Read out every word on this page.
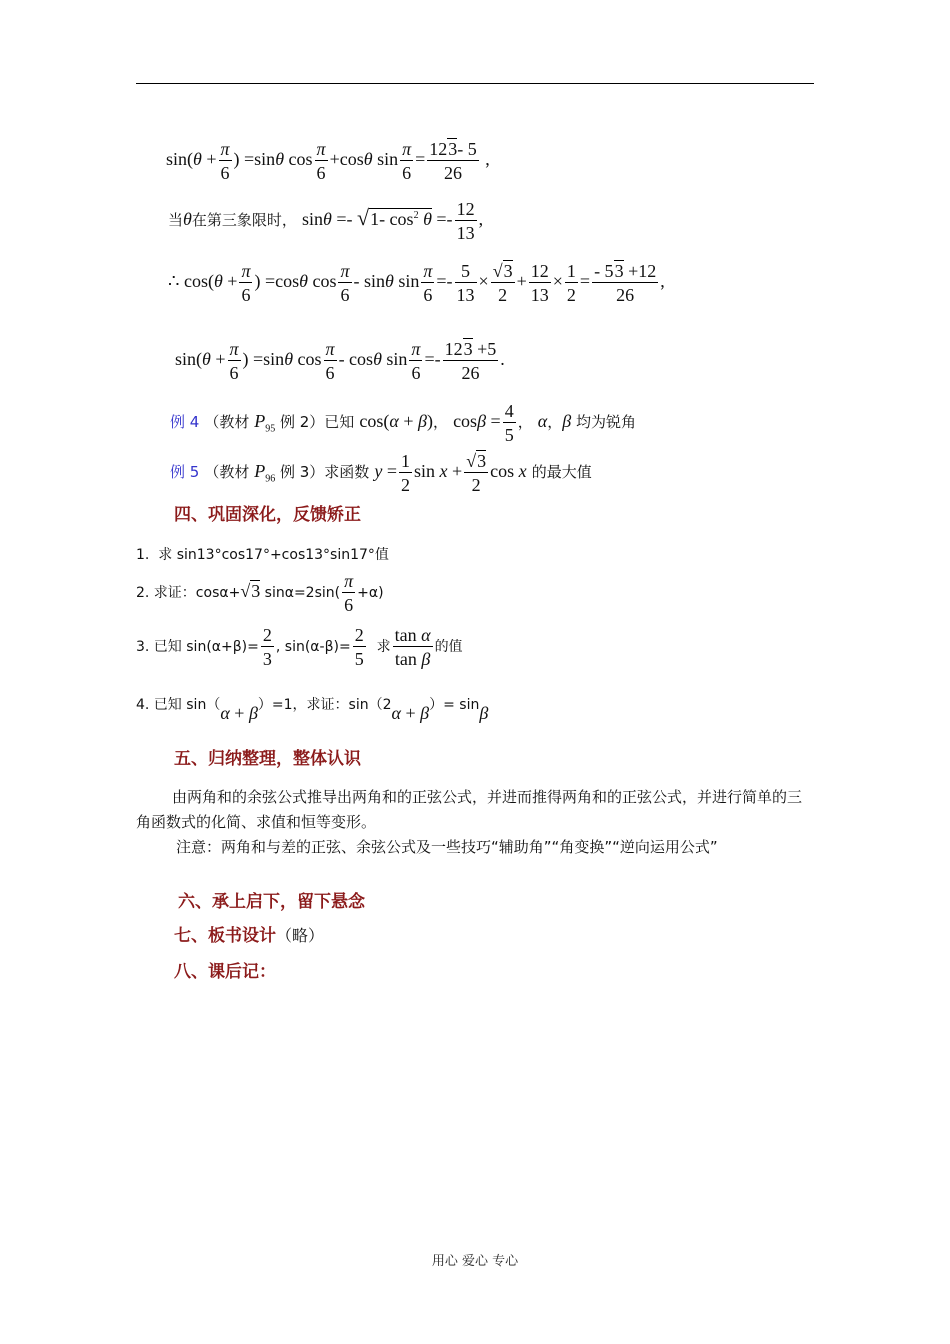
$\sin(\theta + \frac{\pi}{6}$ ) =sinθ $\cos \frac{\pi}{6} +\cos\theta$ $\sin \frac{\pi}{6} = \frac{123- 5}{26}$ ,
当θ在第三象限时， sinθ =- √1- $\cos^2 \theta =- \frac{12}{13}$ ,
∴ $\cos(\theta + \frac{\pi}{6}$ ) =cosθ $\cos \frac{\pi}{6}$ - sinθ $\sin \frac{\pi}{6} =- \frac{5}{13} \times \frac{√3}{2} + \frac{12}{13} \times \frac{1}{2} = \frac{- 53 +12}{26}$ ,
$\sin(\theta + \frac{\pi}{6}$ ) =sinθ $\cos \frac{\pi}{6}$ - cosθ $\sin \frac{\pi}{6} =- \frac{123 +5}{26}$ .
例 4 （教材 $P_{95}$ 例 2）已知 cos(α + β)， $\cos\beta = \frac{4}{5}$ ， α，β 均为锐角
例 5 （教材 $P_{96}$ 例 3）求函数 $y = \frac{1}{2}$ $\sin x + \frac{√3}{2}$ cos x 的最大值
四、巩固深化，反馈矫正
1.  求 sin13°cos17°+cos13°sin17°值
2. 求证：cosα+√3 $\sin\alpha=2\sin( \frac{\pi}{6} +\alpha)$
3. 已知 $\sin(\alpha+\beta)= \frac{2}{3}$ , $\sin(\alpha-\beta)= \frac{2}{5}$ 求 $\frac{\text{tan α}}{\text{tan β}}$ 的值
4. 已知 sin（α + β）=1，求证：sin（2α + β）= sinβ
五、归纳整理，整体认识
由两角和的余弦公式推导出两角和的正弦公式，并进而推得两角和的正弦公式，并进行简单的三角函数式的化简、求值和恒等变形。
注意：两角和与差的正弦、余弦公式及一些技巧“辅助角”“角变换”“逆向运用公式”
六、承上启下，留下悬念
七、板书设计（略）
八、课后记：
用心 爱心 专心
